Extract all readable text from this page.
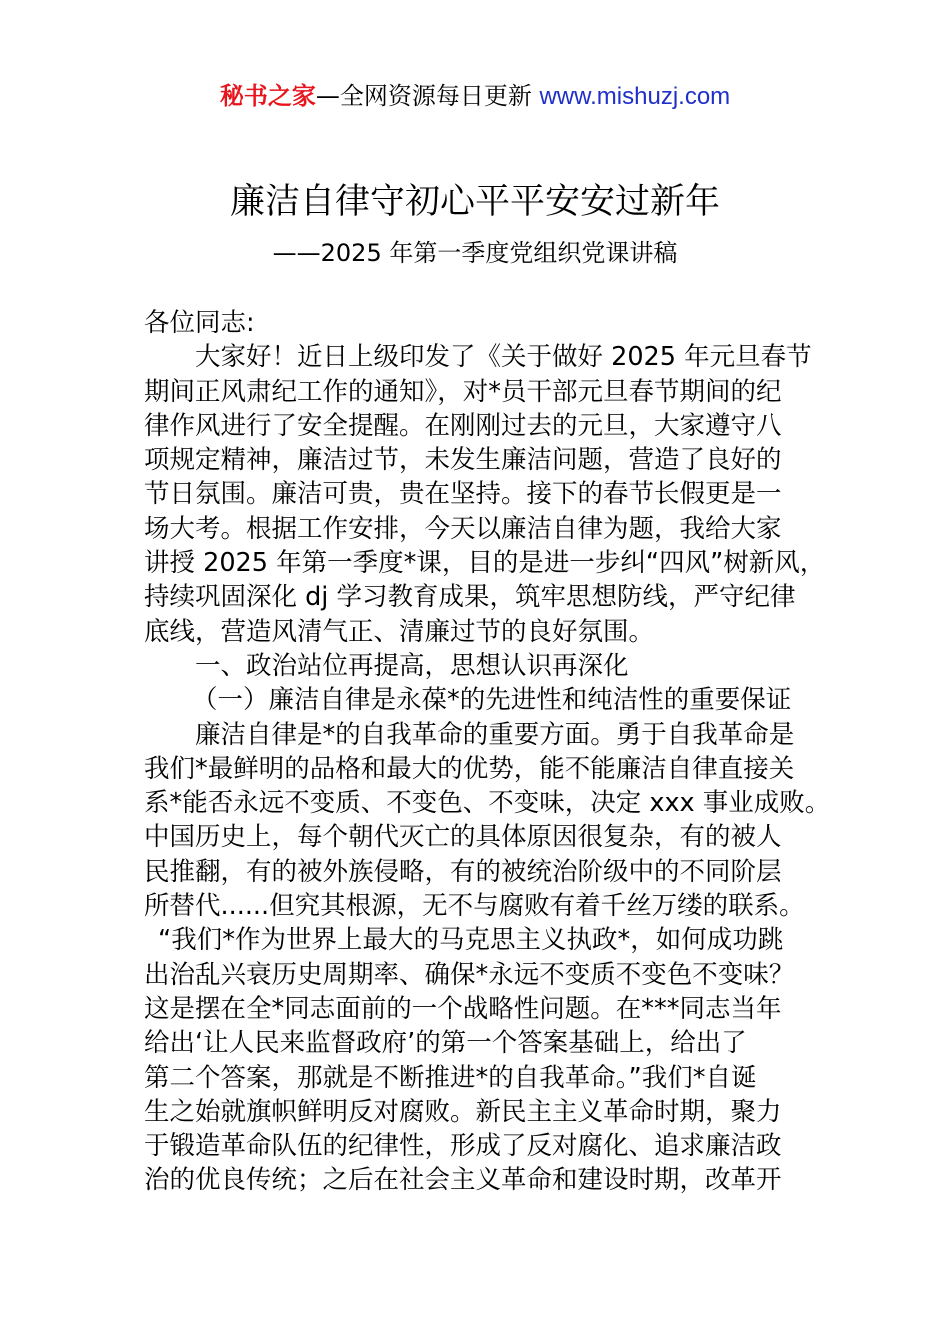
秘书之家—全网资源每日更新 www.mishuzj.com
廉洁自律守初心平平安安过新年
——2025 年第一季度党组织党课讲稿
各位同志:
大家好！近日上级印发了《关于做好 2025 年元旦春节
期间正风肃纪工作的通知》，对*员干部元旦春节期间的纪
律作风进行了安全提醒。在刚刚过去的元旦，大家遵守八
项规定精神，廉洁过节，未发生廉洁问题，营造了良好的
节日氛围。廉洁可贵，贵在坚持。接下的春节长假更是一
场大考。根据工作安排，今天以廉洁自律为题，我给大家
讲授 2025 年第一季度*课，目的是进一步纠“四风”树新风，
持续巩固深化 dj 学习教育成果，筑牢思想防线，严守纪律
底线，营造风清气正、清廉过节的良好氛围。
一、政治站位再提高，思想认识再深化
（一）廉洁自律是永葆*的先进性和纯洁性的重要保证
廉洁自律是*的自我革命的重要方面。勇于自我革命是
我们*最鲜明的品格和最大的优势，能不能廉洁自律直接关
系*能否永远不变质、不变色、不变味，决定 xxx 事业成败。
中国历史上，每个朝代灭亡的具体原因很复杂，有的被人
民推翻，有的被外族侵略，有的被统治阶级中的不同阶层
所替代......但究其根源，无不与腐败有着千丝万缕的联系。
“我们*作为世界上最大的马克思主义执政*，如何成功跳
出治乱兴衰历史周期率、确保*永远不变质不变色不变味？
这是摆在全*同志面前的一个战略性问题。在***同志当年
给出‘让人民来监督政府’的第一个答案基础上，给出了
第二个答案，那就是不断推进*的自我革命。”我们*自诞
生之始就旗帜鲜明反对腐败。新民主主义革命时期，聚力
于锻造革命队伍的纪律性，形成了反对腐化、追求廉洁政
治的优良传统；之后在社会主义革命和建设时期，改革开
